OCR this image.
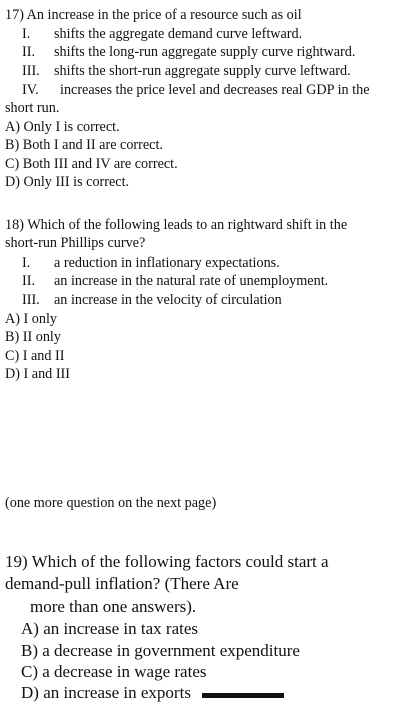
17) An increase in the price of a resource such as oil
I. shifts the aggregate demand curve leftward.
II. shifts the long-run aggregate supply curve rightward.
III. shifts the short-run aggregate supply curve leftward.
IV. increases the price level and decreases real GDP in the
short run.
A) Only I is correct.
B) Both I and II are correct.
C) Both III and IV are correct.
D) Only III is correct.
18) Which of the following leads to an rightward shift in the
short-run Phillips curve?
I. a reduction in inflationary expectations.
II. an increase in the natural rate of unemployment.
III. an increase in the velocity of circulation
A) I only
B) II only
C) I and II
D) I and III
(one more question on the next page)
19) Which of the following factors could start a
demand-pull inflation? (There Are
more than one answers).
A) an increase in tax rates
B) a decrease in government expenditure
C) a decrease in wage rates
D) an increase in exports
